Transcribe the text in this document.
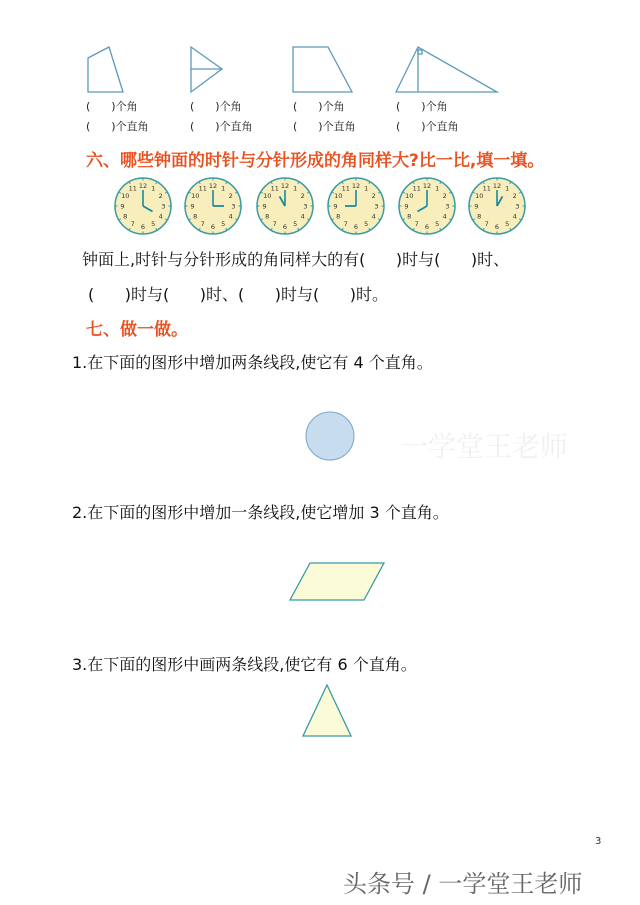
一学堂王老师
(      )个角
(      )个直角
(      )个角
(      )个直角
(      )个角
(      )个直角
(      )个角
(      )个直角
六、哪些钟面的时针与分针形成的角同样大?比一比,填一填。
1
2
3
4
5
6
7
8
9
10
11 12	1
2
3
4
5
6
7
8
9
10
11 12	1
2
3
4
5
6
7
8
9
10
11 12	1
2
3
4
5
6
7
8
9
10
11 12	1
2
3
4
5
6
7
8
9
10
11 12	1
2
3
4
5
6
7
8
9
10
11 12
钟面上,时针与分针形成的角同样大的有(      )时与(      )时、
(      )时与(      )时、(      )时与(      )时。
七、做一做。
1.在下面的图形中增加两条线段,使它有 4 个直角。
2.在下面的图形中增加一条线段,使它增加 3 个直角。
3.在下面的图形中画两条线段,使它有 6 个直角。
3
头条号 / 一学堂王老师
